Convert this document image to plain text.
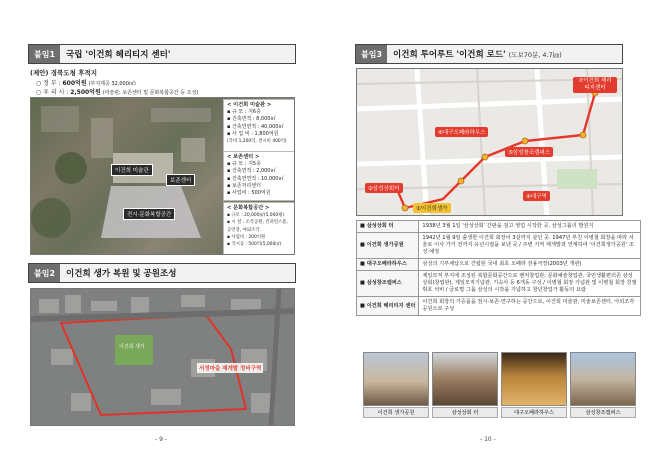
붙임1	국립 '이건희 헤리티지 센터'
(제안) 경북도청 후적지
○ 정 부 : 600억원 (부지제공 32,000㎡)
○ 우 리 시 : 2,500억원 (미술관, 보존센터 및 문화복합공간 등 조성)
이건희 미술관
보존센터
전시·문화복합공간
< 이건희 미술관 >
▪ 규 모 : 지6층
▪ 건축면적 : 8,000㎡
▪ 건축연면적 : 40,000㎡
▪ 사 업 비 : 1,800억원
(국비 1,200억, 전시비 400억)
< 보존센터 >
▪ 규 모 : 지5층
▪ 건축면적 : 2,000㎡
▪ 건축연면적 : 10,000㎡
▪ 보존처리센터
▪ 사업비 : 500억원
< 문화복합공간 >
▪ 규모 : 20,000㎡(5,000평)
▪ 시 설 : 조각공원, 컨퍼런스룸,
공연장, 야외조각
▪ 사업비 : 200억원
▪ 국시공 : 500억(5,000㎡)
붙임2	이건희 생가 복원 및 공원조성
서정마을 재개발 정비구역
이건희 생가
- 9 -
붙임3	이건희 투어루트 '이건희 로드' (도보70분, 4.7㎞)
⑦이건희 헤리티지센터
⑥대구오페라하우스
⑤삼성창조캠퍼스
②삼성상회터
①이건희생가
④대구역
- 10 -
■ 삼성상회 터	1938년 3월 1일 '삼성상회' 간판을 걸고 영업 시작한 곳, 삼성그룹의 발원지
■ 이건희 생가공원	1942년 1월 9일 출생한 이건희 회장이 3살까지 살던 곳. 1947년 부친 이병철 회장을 따라 서울로 이사 가기 전까지 유년시절을 보낸 곳 / 주변 지역 재개발과 연계하여 '이건희생가공원' 조성 예정
■ 대구오페라하우스	삼성의 기부채납으로 건립된 국내 최초 오페라 전용극장(2003년 개관)
■ 삼성창조캠퍼스	제일모직 부지에 조성된 복합문화공간으로 벤처창업관, 문화예술창업관, 국민생활편의존 삼성상회(창업관), 제일모직기념관, 기숙사 등 6개동 구성 / 이병철 회장 기념관 및 이병철 회장 친필휘호 석비 / 글로벌 그룹 삼성의 시작을 기념하고 창년창업가 활동의 요람
■ 이건희 헤리티지 센터	이건희 회장의 기증품을 전시·보존·연구하는 공간으로, 이건희 미술관, 미술보존센터, 아외조각공원으로 구성
이건희 생가공원	삼성상회 터	대구오페라하우스	삼성창조캠퍼스
